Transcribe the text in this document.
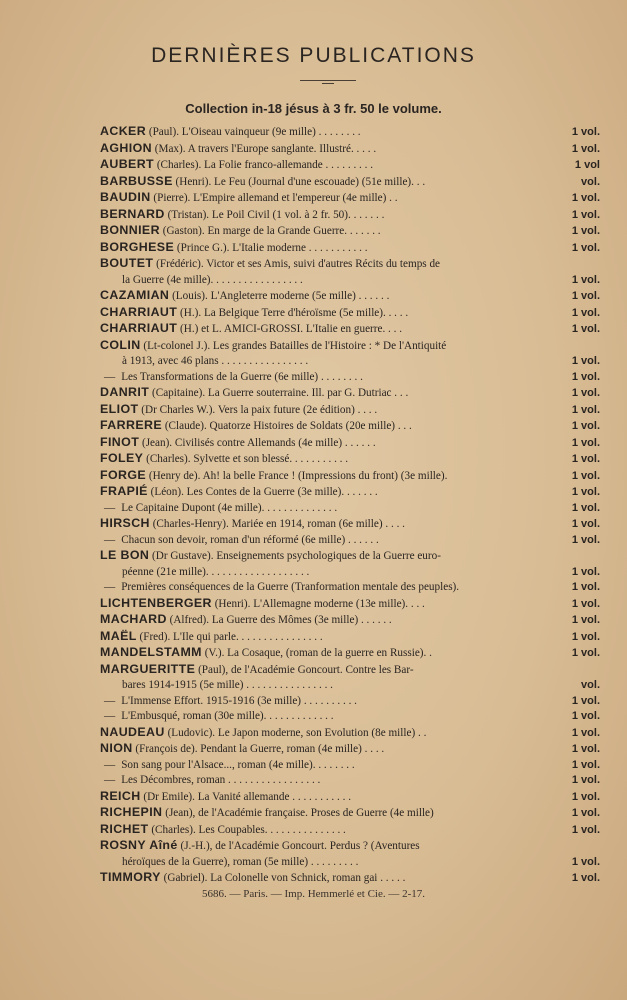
DERNIÈRES PUBLICATIONS
Collection in-18 jésus à 3 fr. 50 le volume.
ACKER (Paul). L'Oiseau vainqueur (9e mille) . . . . . . . .	1 vol.
AGHION (Max). A travers l'Europe sanglante. Illustré. . . . .	1 vol.
AUBERT (Charles). La Folie franco-allemande . . . . . . . . .	1 vol
BARBUSSE (Henri). Le Feu (Journal d'une escouade) (51e mille). . .	vol.
BAUDIN (Pierre). L'Empire allemand et l'empereur (4e mille) . .	1 vol.
BERNARD (Tristan). Le Poil Civil (1 vol. à 2 fr. 50). . . . . . .	1 vol.
BONNIER (Gaston). En marge de la Grande Guerre. . . . . . .	1 vol.
BORGHESE (Prince G.). L'Italie moderne . . . . . . . . . . .	1 vol.
BOUTET (Frédéric). Victor et ses Amis, suivi d'autres Récits du temps de
la Guerre (4e mille). . . . . . . . . . . . . . . . .	1 vol.
CAZAMIAN (Louis). L'Angleterre moderne (5e mille) . . . . . .	1 vol.
CHARRIAUT (H.). La Belgique Terre d'héroïsme (5e mille). . . . .	1 vol.
CHARRIAUT (H.) et L. AMICI-GROSSI. L'Italie en guerre. . . .	1 vol.
COLIN (Lt-colonel J.). Les grandes Batailles de l'Histoire : * De l'Antiquité
à 1913, avec 46 plans . . . . . . . . . . . . . . . .	1 vol.
— Les Transformations de la Guerre (6e mille) . . . . . . . .	1 vol.
DANRIT (Capitaine). La Guerre souterraine. Ill. par G. Dutriac . . .	1 vol.
ELIOT (Dr Charles W.). Vers la paix future (2e édition) . . . .	1 vol.
FARRERE (Claude). Quatorze Histoires de Soldats (20e mille) . . .	1 vol.
FINOT (Jean). Civilisés contre Allemands (4e mille) . . . . . .	1 vol.
FOLEY (Charles). Sylvette et son blessé. . . . . . . . . . .	1 vol.
FORGE (Henry de). Ah! la belle France ! (Impressions du front) (3e mille).	1 vol.
FRAPIÉ (Léon). Les Contes de la Guerre (3e mille). . . . . . .	1 vol.
— Le Capitaine Dupont (4e mille). . . . . . . . . . . . . .	1 vol.
HIRSCH (Charles-Henry). Mariée en 1914, roman (6e mille) . . . .	1 vol.
— Chacun son devoir, roman d'un réformé (6e mille) . . . . . .	1 vol.
LE BON (Dr Gustave). Enseignements psychologiques de la Guerre euro-
péenne (21e mille). . . . . . . . . . . . . . . . . . .	1 vol.
— Premières conséquences de la Guerre (Tranformation mentale des peuples).	1 vol.
LICHTENBERGER (Henri). L'Allemagne moderne (13e mille). . . .	1 vol.
MACHARD (Alfred). La Guerre des Mômes (3e mille) . . . . . .	1 vol.
MAËL (Fred). L'Ile qui parle. . . . . . . . . . . . . . . .	1 vol.
MANDELSTAMM (V.). La Cosaque, (roman de la guerre en Russie). .	1 vol.
MARGUERITTE (Paul), de l'Académie Goncourt. Contre les Bar-
bares 1914-1915 (5e mille) . . . . . . . . . . . . . . . .	vol.
— L'Immense Effort. 1915-1916 (3e mille) . . . . . . . . . .	1 vol.
— L'Embusqué, roman (30e mille). . . . . . . . . . . . .	1 vol.
NAUDEAU (Ludovic). Le Japon moderne, son Evolution (8e mille) . .	1 vol.
NION (François de). Pendant la Guerre, roman (4e mille) . . . .	1 vol.
— Son sang pour l'Alsace..., roman (4e mille). . . . . . . .	1 vol.
— Les Décombres, roman . . . . . . . . . . . . . . . . .	1 vol.
REICH (Dr Emile). La Vanité allemande . . . . . . . . . . .	1 vol.
RICHEPIN (Jean), de l'Académie française. Proses de Guerre (4e mille)	1 vol.
RICHET (Charles). Les Coupables. . . . . . . . . . . . . . .	1 vol.
ROSNY Aîné (J.-H.), de l'Académie Goncourt. Perdus ? (Aventures
héroïques de la Guerre), roman (5e mille) . . . . . . . . .	1 vol.
TIMMORY (Gabriel). La Colonelle von Schnick, roman gai . . . . .	1 vol.
5686. — Paris. — Imp. Hemmerlé et Cie. — 2-17.
